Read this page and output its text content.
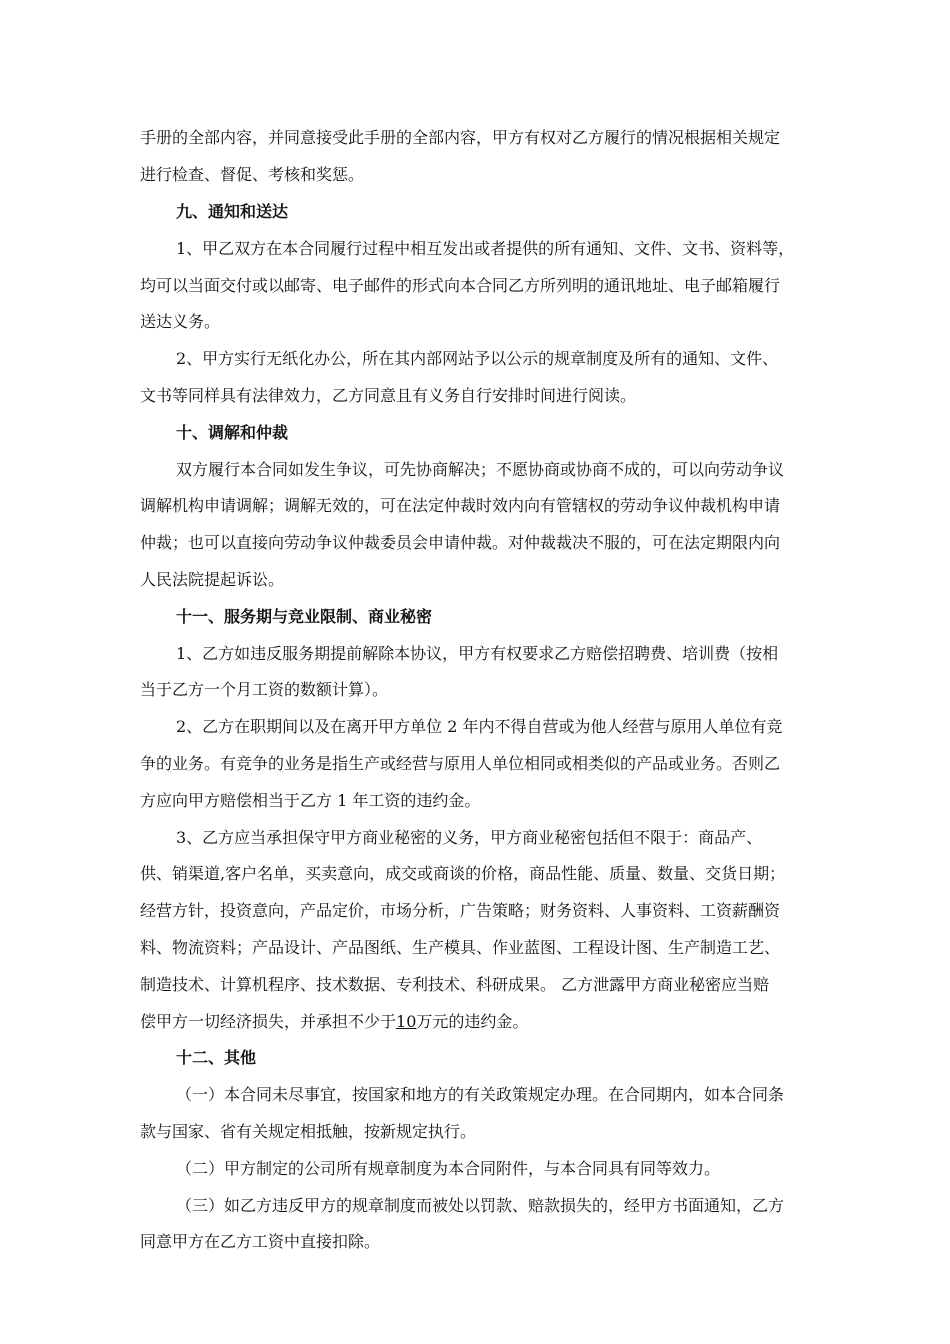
手册的全部内容，并同意接受此手册的全部内容，甲方有权对乙方履行的情况根据相关规定
进行检查、督促、考核和奖惩。
九、通知和送达
1、甲乙双方在本合同履行过程中相互发出或者提供的所有通知、文件、文书、资料等，
均可以当面交付或以邮寄、电子邮件的形式向本合同乙方所列明的通讯地址、电子邮箱履行
送达义务。
2、甲方实行无纸化办公，所在其内部网站予以公示的规章制度及所有的通知、文件、
文书等同样具有法律效力，乙方同意且有义务自行安排时间进行阅读。
十、调解和仲裁
双方履行本合同如发生争议，可先协商解决；不愿协商或协商不成的，可以向劳动争议
调解机构申请调解；调解无效的，可在法定仲裁时效内向有管辖权的劳动争议仲裁机构申请
仲裁；也可以直接向劳动争议仲裁委员会申请仲裁。对仲裁裁决不服的，可在法定期限内向
人民法院提起诉讼。
十一、服务期与竞业限制、商业秘密
1、乙方如违反服务期提前解除本协议，甲方有权要求乙方赔偿招聘费、培训费（按相
当于乙方一个月工资的数额计算）。
2、乙方在职期间以及在离开甲方单位 2 年内不得自营或为他人经营与原用人单位有竞
争的业务。有竞争的业务是指生产或经营与原用人单位相同或相类似的产品或业务。否则乙
方应向甲方赔偿相当于乙方 1 年工资的违约金。
3、乙方应当承担保守甲方商业秘密的义务，甲方商业秘密包括但不限于：商品产、
供、销渠道,客户名单，买卖意向，成交或商谈的价格，商品性能、质量、数量、交货日期；
经营方针，投资意向，产品定价，市场分析，广告策略；财务资料、人事资料、工资薪酬资
料、物流资料；产品设计、产品图纸、生产模具、作业蓝图、工程设计图、生产制造工艺、
制造技术、计算机程序、技术数据、专利技术、科研成果。 乙方泄露甲方商业秘密应当赔
偿甲方一切经济损失，并承担不少于10万元的违约金。
十二、其他
（一）本合同未尽事宜，按国家和地方的有关政策规定办理。在合同期内，如本合同条
款与国家、省有关规定相抵触，按新规定执行。
（二）甲方制定的公司所有规章制度为本合同附件，与本合同具有同等效力。
（三）如乙方违反甲方的规章制度而被处以罚款、赔款损失的，经甲方书面通知，乙方
同意甲方在乙方工资中直接扣除。
